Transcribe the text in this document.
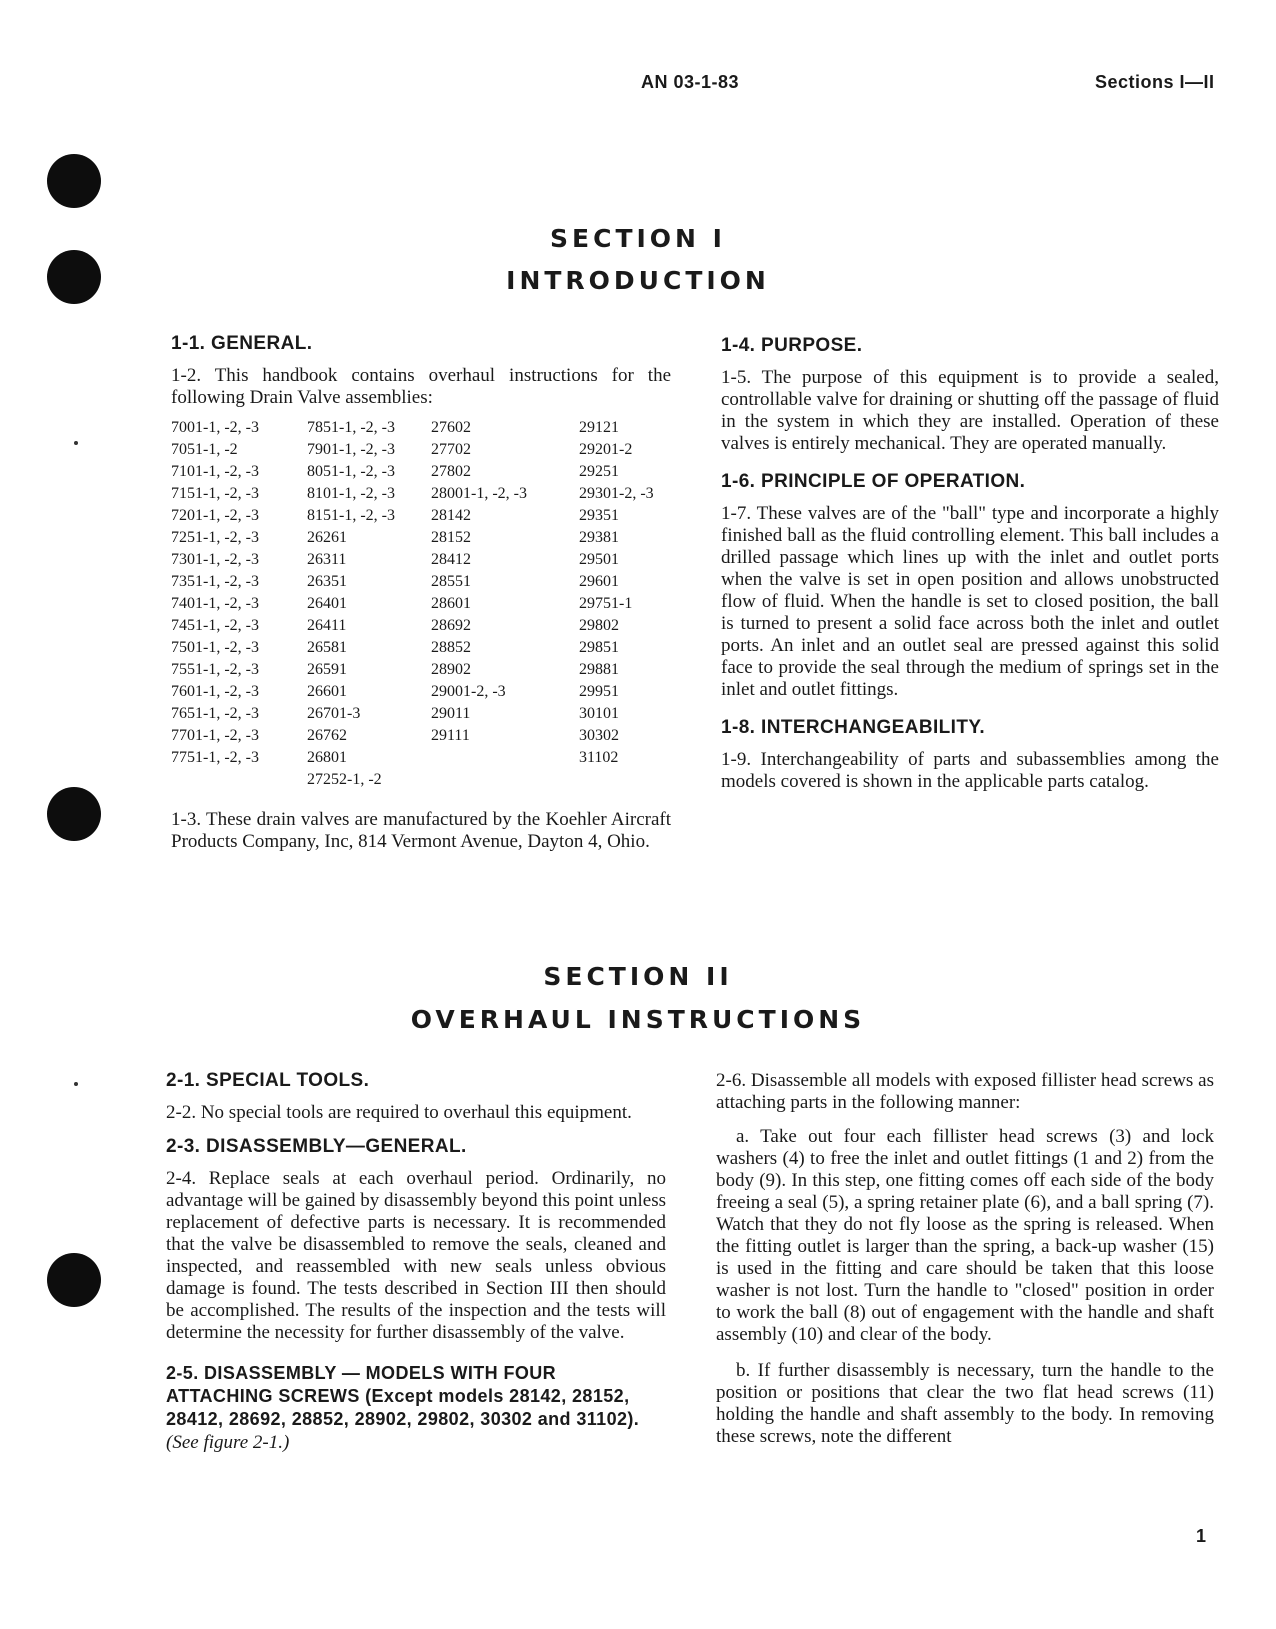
AN 03-1-83	Sections I—II
SECTION I
INTRODUCTION
1-1. GENERAL.

1-2. This handbook contains overhaul instructions for the following Drain Valve assemblies:

7001-1, -2, -3	7851-1, -2, -3	27602	29121
7051-1, -2	7901-1, -2, -3	27702	29201-2
7101-1, -2, -3	8051-1, -2, -3	27802	29251
7151-1, -2, -3	8101-1, -2, -3	28001-1, -2, -3	29301-2, -3
7201-1, -2, -3	8151-1, -2, -3	28142	29351
7251-1, -2, -3	26261	28152	29381
7301-1, -2, -3	26311	28412	29501
7351-1, -2, -3	26351	28551	29601
7401-1, -2, -3	26401	28601	29751-1
7451-1, -2, -3	26411	28692	29802
7501-1, -2, -3	26581	28852	29851
7551-1, -2, -3	26591	28902	29881
7601-1, -2, -3	26601	29001-2, -3	29951
7651-1, -2, -3	26701-3	29011	30101
7701-1, -2, -3	26762	29111	30302
7751-1, -2, -3	26801		31102
	27252-1, -2		

1-3. These drain valves are manufactured by the Koehler Aircraft Products Company, Inc, 814 Vermont Avenue, Dayton 4, Ohio.

1-4. PURPOSE.

1-5. The purpose of this equipment is to provide a sealed, controllable valve for draining or shutting off the passage of fluid in the system in which they are installed. Operation of these valves is entirely mechanical. They are operated manually.

1-6. PRINCIPLE OF OPERATION.

1-7. These valves are of the "ball" type and incorporate a highly finished ball as the fluid controlling element. This ball includes a drilled passage which lines up with the inlet and outlet ports when the valve is set in open position and allows unobstructed flow of fluid. When the handle is set to closed position, the ball is turned to present a solid face across both the inlet and outlet ports. An inlet and an outlet seal are pressed against this solid face to provide the seal through the medium of springs set in the inlet and outlet fittings.

1-8. INTERCHANGEABILITY.

1-9. Interchangeability of parts and subassemblies among the models covered is shown in the applicable parts catalog.

SECTION II
OVERHAUL INSTRUCTIONS
2-1. SPECIAL TOOLS.

2-2. No special tools are required to overhaul this equipment.

2-3. DISASSEMBLY—GENERAL.

2-4. Replace seals at each overhaul period. Ordinarily, no advantage will be gained by disassembly beyond this point unless replacement of defective parts is necessary. It is recommended that the valve be disassembled to remove the seals, cleaned and inspected, and reassembled with new seals unless obvious damage is found. The tests described in Section III then should be accomplished. The results of the inspection and the tests will determine the necessity for further disassembly of the valve.

2-5. DISASSEMBLY — MODELS WITH FOUR ATTACHING SCREWS (Except models 28142, 28152, 28412, 28692, 28852, 28902, 29802, 30302 and 31102). (See figure 2-1.)

2-6. Disassemble all models with exposed fillister head screws as attaching parts in the following manner:

a. Take out four each fillister head screws (3) and lock washers (4) to free the inlet and outlet fittings (1 and 2) from the body (9). In this step, one fitting comes off each side of the body freeing a seal (5), a spring retainer plate (6), and a ball spring (7). Watch that they do not fly loose as the spring is released. When the fitting outlet is larger than the spring, a back-up washer (15) is used in the fitting and care should be taken that this loose washer is not lost. Turn the handle to "closed" position in order to work the ball (8) out of engagement with the handle and shaft assembly (10) and clear of the body.

b. If further disassembly is necessary, turn the handle to the position or positions that clear the two flat head screws (11) holding the handle and shaft assembly to the body. In removing these screws, note the different

1
